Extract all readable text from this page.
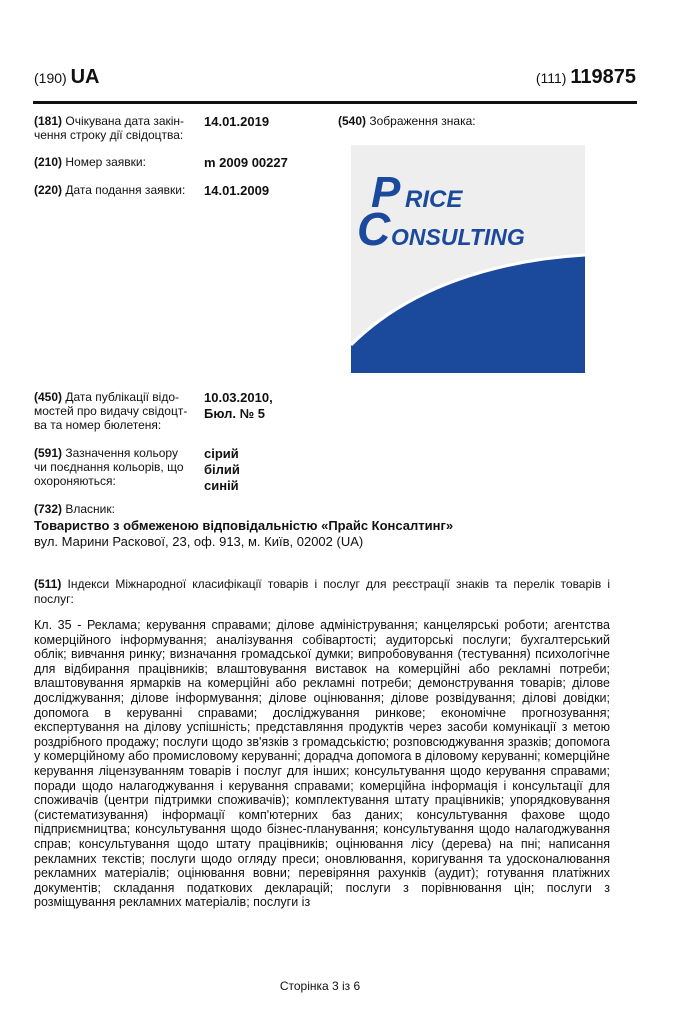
(190) UA	(111) 119875
(181) Очікувана дата закін-чення строку дії свідоцтва:
14.01.2019
(210) Номер заявки:	m 2009 00227
(220) Дата подання заявки:	14.01.2009
(540) Зображення знака:
P RICE
C ONSULTING
(450) Дата публікації відо-мостей про видачу свідоцт-ва та номер бюлетеня:
10.03.2010,
Бюл. № 5
(591) Зазначення кольору чи поєднання кольорів, що охороняються:
сірий
білий
синій
(732) Власник:
Товариство з обмеженою відповідальністю «Прайс Консалтинг»
вул. Марини Раскової, 23, оф. 913, м. Київ, 02002 (UA)
(511) Індекси Міжнародної класифікації товарів і послуг для реєстрації знаків та перелік товарів і послуг:
Кл. 35 - Реклама; керування справами; ділове адміністрування; канцелярські роботи; агентства комерційного інформування; аналізування собівартості; аудиторські послуги; бухгалтерський облік; вивчання ринку; визначання громадської думки; випробовування (тестування) психологічне для відбирання працівників; влаштовування виставок на комерційні або рекламні потреби; влаштовування ярмарків на комерційні або рекламні потреби; демонстрування товарів; ділове досліджування; ділове інформування; ділове оцінювання; ділове розвідування; ділові довідки; допомога в керуванні справами; досліджування ринкове; економічне прогнозування; експертування на ділову успішність; представляння продуктів через засоби комунікації з метою роздрібного продажу; послуги щодо зв'язків з громадськістю; розповсюджування зразків; допомога у комерційному або промисловому керуванні; дорадча допомога в діловому керуванні; комерційне керування ліцензуванням товарів і послуг для інших; консультування щодо керування справами; поради щодо налагоджування і керування справами; комерційна інформація і консультації для споживачів (центри підтримки споживачів); комплектування штату працівників; упорядковування (систематизування) інформації комп'ютерних баз даних; консультування фахове щодо підприємництва; консультування щодо бізнес-планування; консультування щодо налагоджування справ; консультування щодо штату працівників; оцінювання лісу (дерева) на пні; написання рекламних текстів; послуги щодо огляду преси; оновлювання, коригування та удосконалювання рекламних матеріалів; оцінювання вовни; перевіряння рахунків (аудит); готування платіжних документів; складання податкових декларацій; послуги з порівнювання цін; послуги з розміщування рекламних матеріалів; послуги із
Сторінка 3 із 6
